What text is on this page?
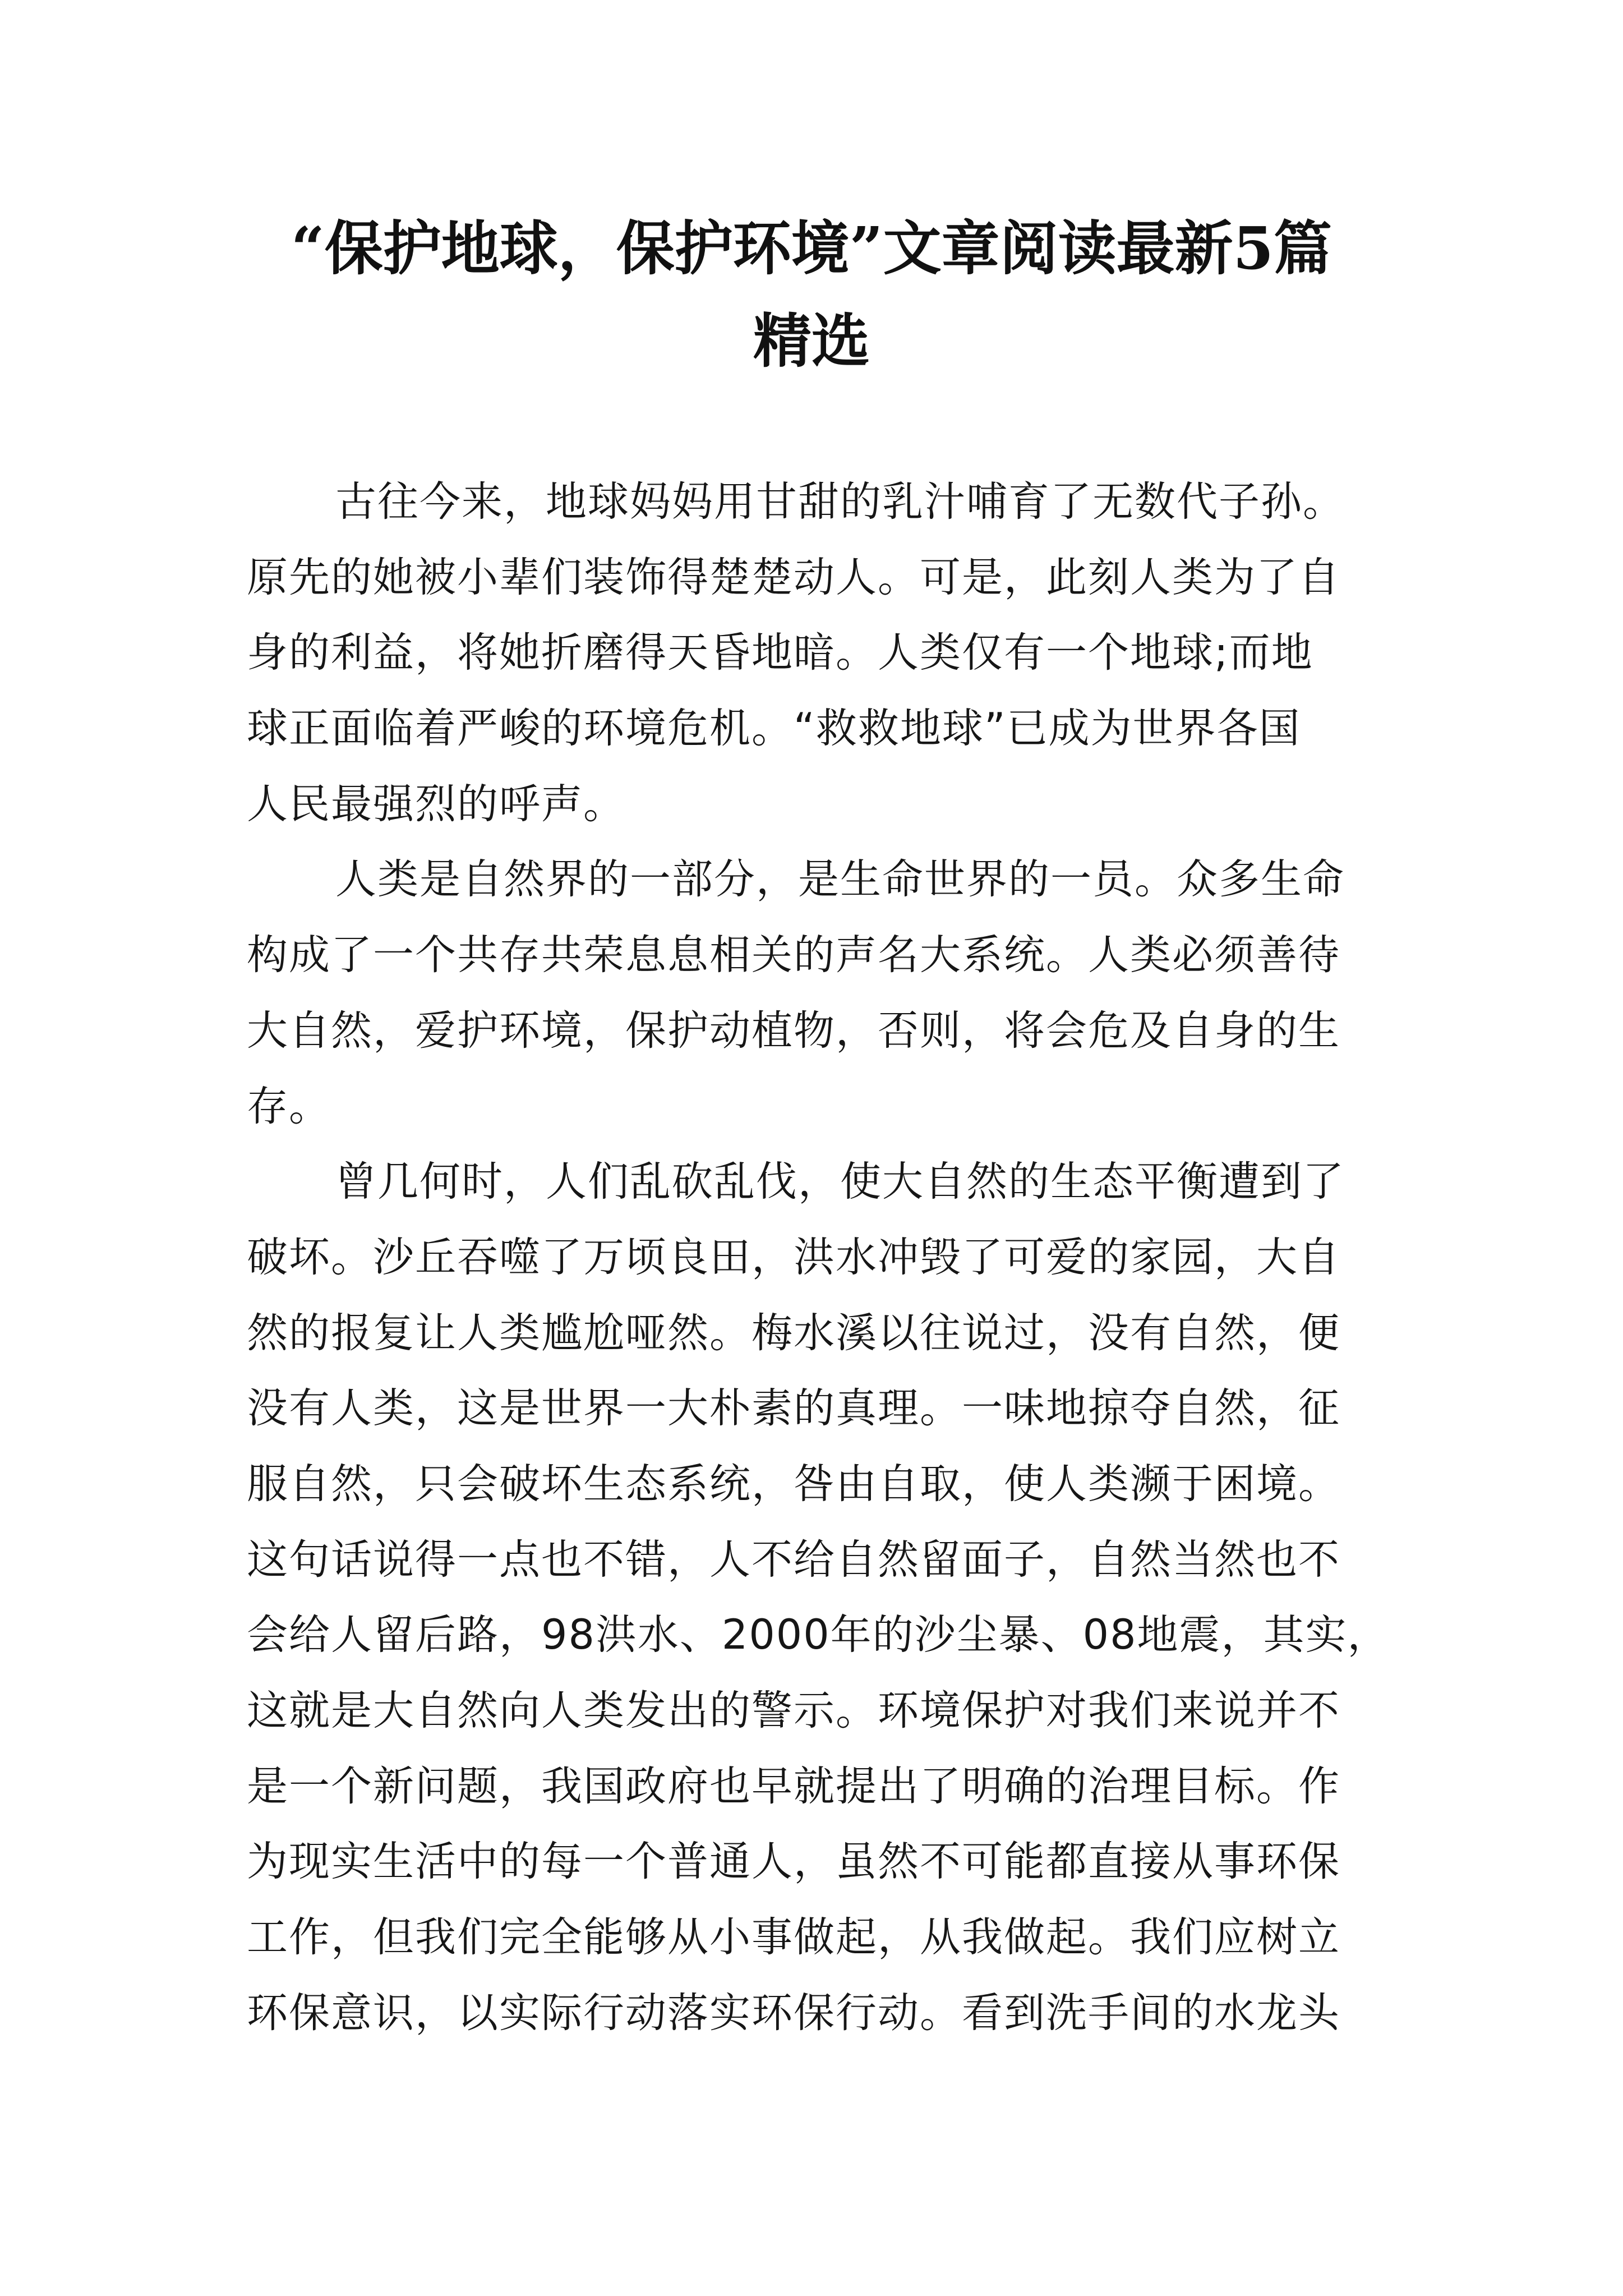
“保护地球，保护环境”文章阅读最新5篇
精选
古往今来，地球妈妈用甘甜的乳汁哺育了无数代子孙。
原先的她被小辈们装饰得楚楚动人。可是，此刻人类为了自
身的利益，将她折磨得天昏地暗。人类仅有一个地球;而地
球正面临着严峻的环境危机。“救救地球”已成为世界各国
人民最强烈的呼声。
人类是自然界的一部分，是生命世界的一员。众多生命
构成了一个共存共荣息息相关的声名大系统。人类必须善待
大自然，爱护环境，保护动植物，否则，将会危及自身的生
存。
曾几何时，人们乱砍乱伐，使大自然的生态平衡遭到了
破坏。沙丘吞噬了万顷良田，洪水冲毁了可爱的家园，大自
然的报复让人类尴尬哑然。梅水溪以往说过，没有自然，便
没有人类，这是世界一大朴素的真理。一味地掠夺自然，征
服自然，只会破坏生态系统，咎由自取，使人类濒于困境。
这句话说得一点也不错，人不给自然留面子，自然当然也不
会给人留后路，98洪水、2000年的沙尘暴、08地震，其实，
这就是大自然向人类发出的警示。环境保护对我们来说并不
是一个新问题，我国政府也早就提出了明确的治理目标。作
为现实生活中的每一个普通人，虽然不可能都直接从事环保
工作，但我们完全能够从小事做起，从我做起。我们应树立
环保意识，以实际行动落实环保行动。看到洗手间的水龙头
